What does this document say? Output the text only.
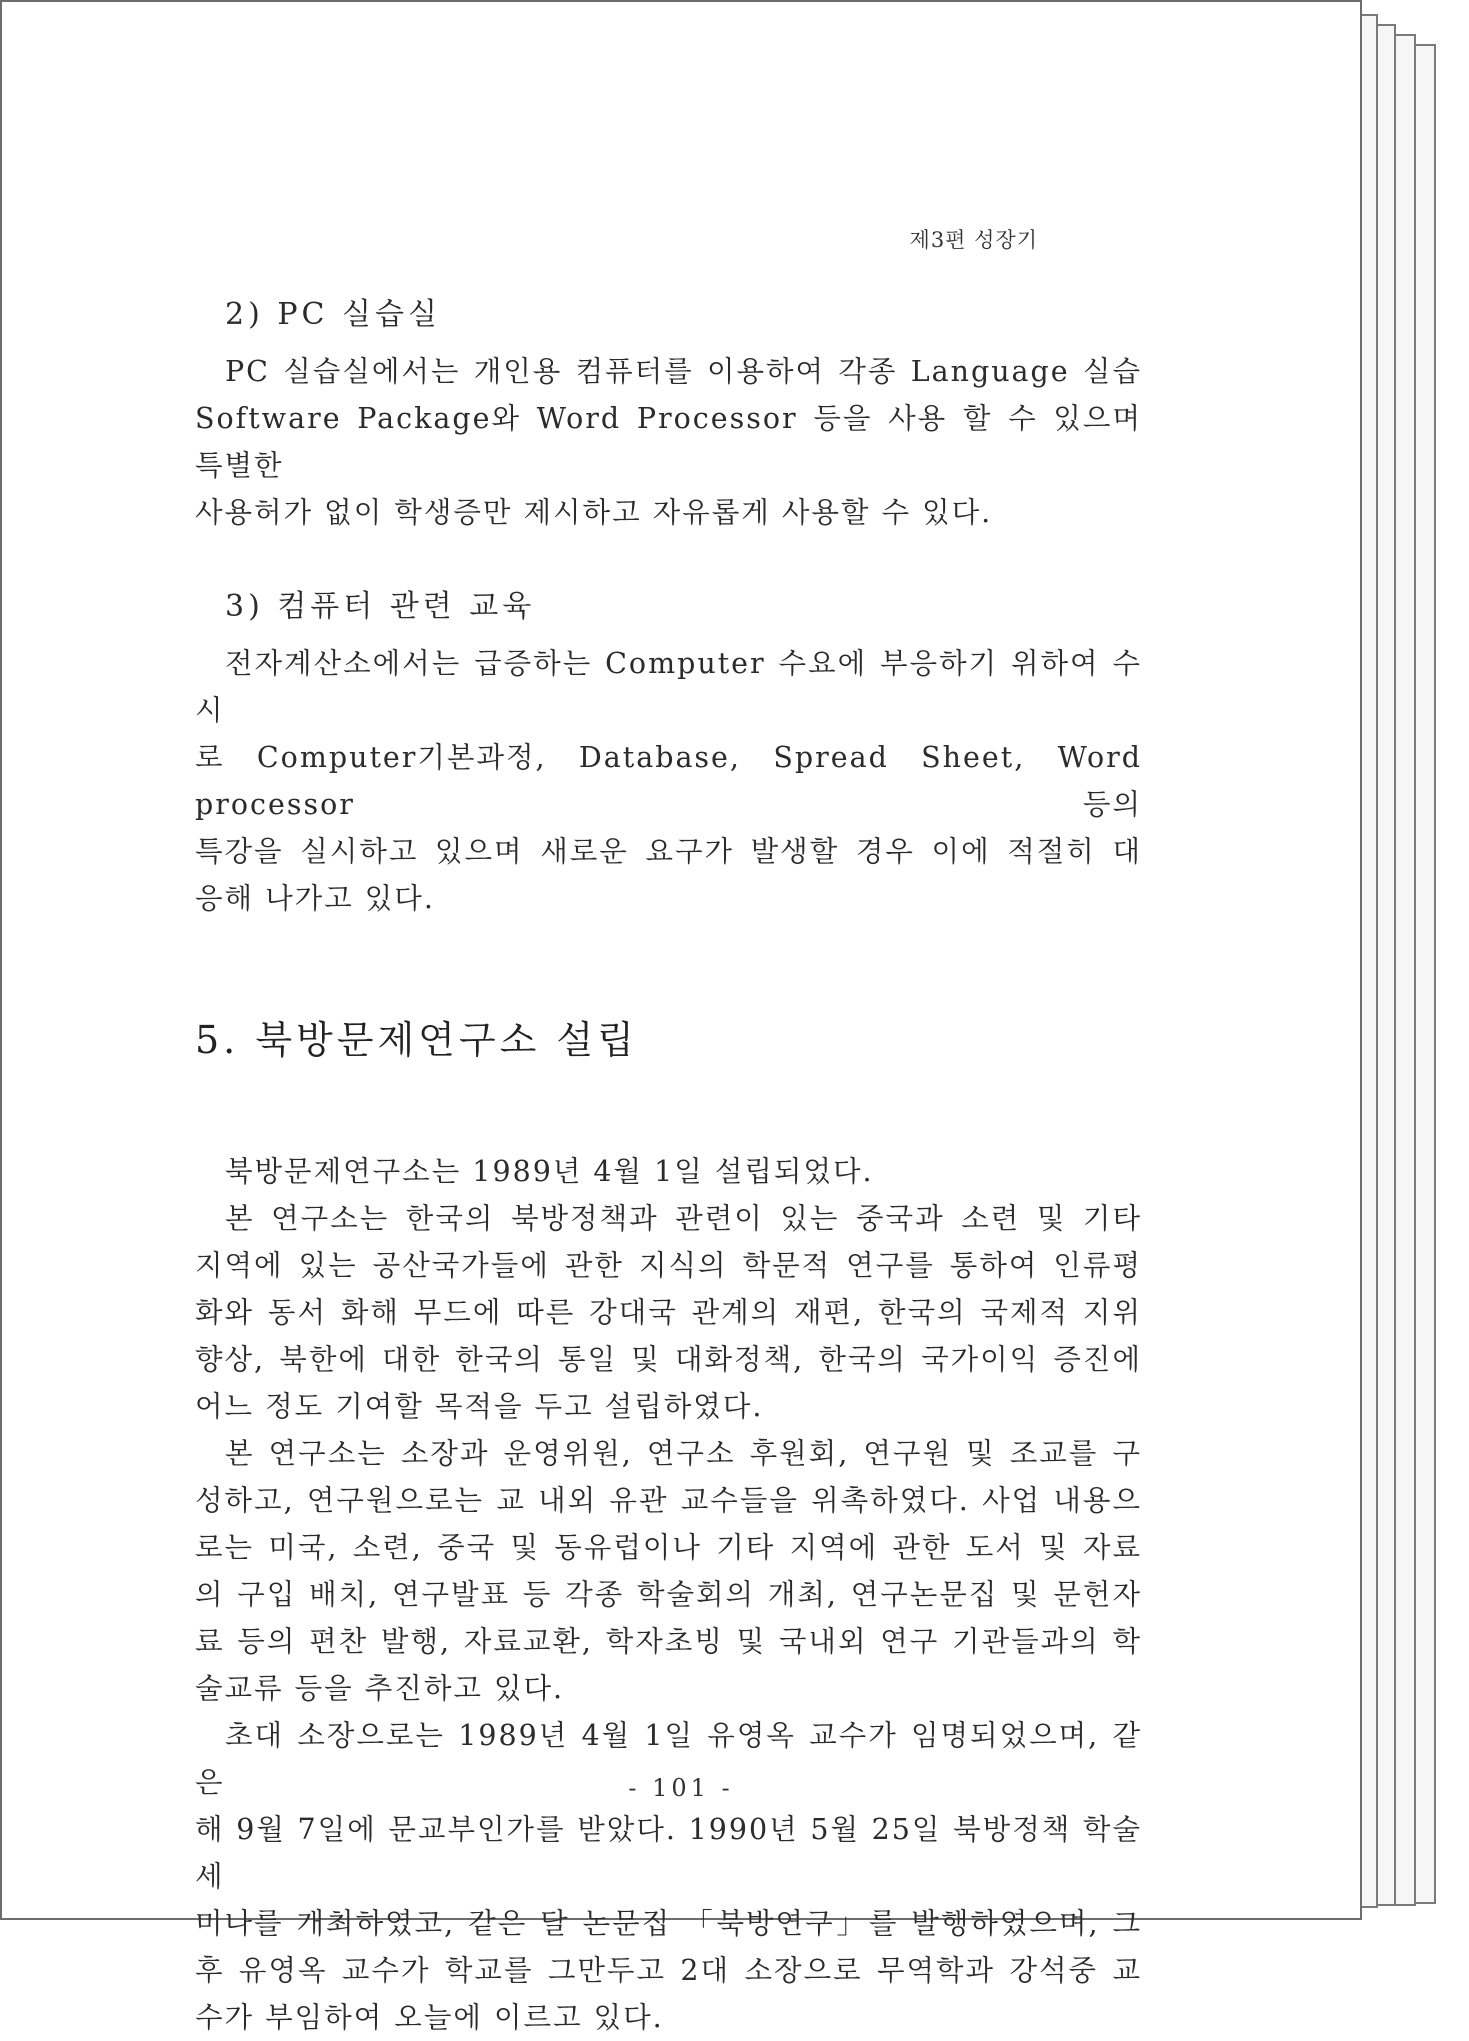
제3편 성장기
2) PC 실습실

PC 실습실에서는 개인용 컴퓨터를 이용하여 각종 Language 실습
Software Package와 Word Processor 등을 사용 할 수 있으며 특별한
사용허가 없이 학생증만 제시하고 자유롭게 사용할 수 있다.

3) 컴퓨터 관련 교육

전자계산소에서는 급증하는 Computer 수요에 부응하기 위하여 수시
로 Computer기본과정, Database, Spread Sheet, Word processor 등의
특강을 실시하고 있으며 새로운 요구가 발생할 경우 이에 적절히 대
응해 나가고 있다.

5. 북방문제연구소 설립

북방문제연구소는 1989년 4월 1일 설립되었다.

본 연구소는 한국의 북방정책과 관련이 있는 중국과 소련 및 기타
지역에 있는 공산국가들에 관한 지식의 학문적 연구를 통하여 인류평
화와 동서 화해 무드에 따른 강대국 관계의 재편, 한국의 국제적 지위
향상, 북한에 대한 한국의 통일 및 대화정책, 한국의 국가이익 증진에
어느 정도 기여할 목적을 두고 설립하였다.

본 연구소는 소장과 운영위원, 연구소 후원회, 연구원 및 조교를 구
성하고, 연구원으로는 교 내외 유관 교수들을 위촉하였다. 사업 내용으
로는 미국, 소련, 중국 및 동유럽이나 기타 지역에 관한 도서 및 자료
의 구입 배치, 연구발표 등 각종 학술회의 개최, 연구논문집 및 문헌자
료 등의 편찬 발행, 자료교환, 학자초빙 및 국내외 연구 기관들과의 학
술교류 등을 추진하고 있다.

초대 소장으로는 1989년 4월 1일 유영옥 교수가 임명되었으며, 같은
해 9월 7일에 문교부인가를 받았다. 1990년 5월 25일 북방정책 학술세
미나를 개최하였고, 같은 달 논문집 「북방연구」를 발행하였으며, 그
후 유영옥 교수가 학교를 그만두고 2대 소장으로 무역학과 강석중 교
수가 부임하여 오늘에 이르고 있다.

- 101 -
